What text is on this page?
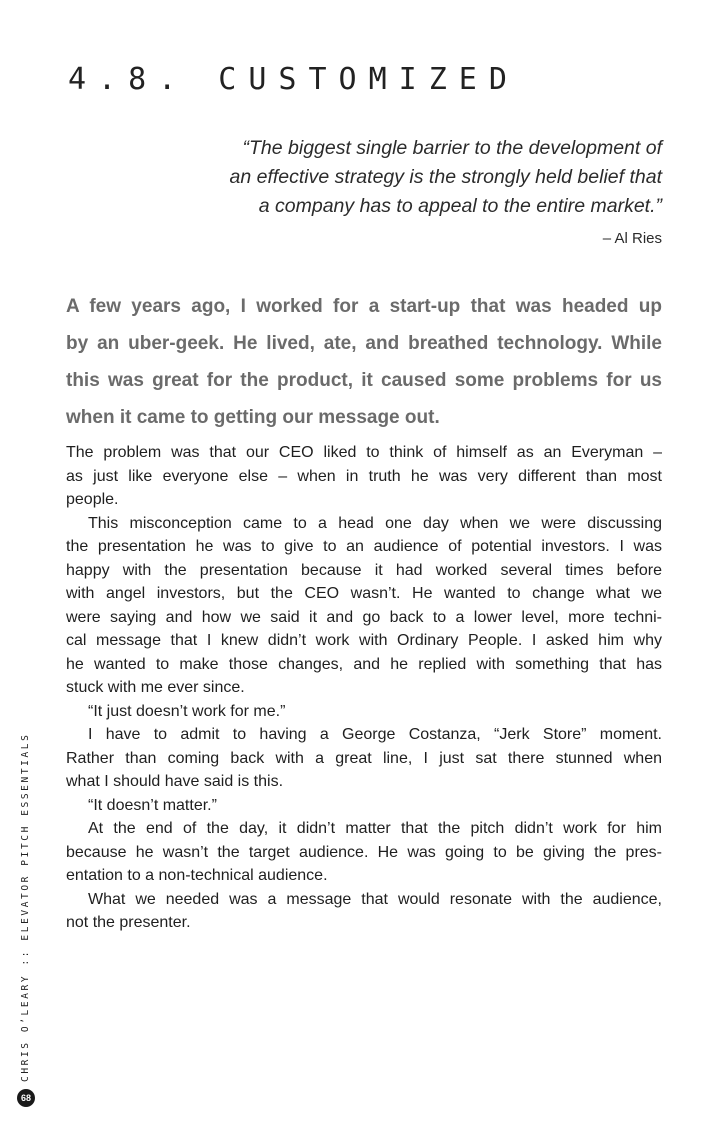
4.8. CUSTOMIZED
“The biggest single barrier to the development of
an effective strategy is the strongly held belief that
a company has to appeal to the entire market.”
– Al Ries

A few years ago, I worked for a start-up that was headed up
by an uber-geek. He lived, ate, and breathed technology. While
this was great for the product, it caused some problems for us
when it came to getting our message out.

The problem was that our CEO liked to think of himself as an Everyman –
as just like everyone else – when in truth he was very different than most
people.
This misconception came to a head one day when we were discussing
the presentation he was to give to an audience of potential investors. I was
happy with the presentation because it had worked several times before
with angel investors, but the CEO wasn’t. He wanted to change what we
were saying and how we said it and go back to a lower level, more techni-
cal message that I knew didn’t work with Ordinary People. I asked him why
he wanted to make those changes, and he replied with something that has
stuck with me ever since.
“It just doesn’t work for me.”
I have to admit to having a George Costanza, “Jerk Store” moment.
Rather than coming back with a great line, I just sat there stunned when
what I should have said is this.
“It doesn’t matter.”
At the end of the day, it didn’t matter that the pitch didn’t work for him
because he wasn’t the target audience. He was going to be giving the pres-
entation to a non-technical audience.
What we needed was a message that would resonate with the audience,
not the presenter.
CHRIS O’LEARY :: ELEVATOR PITCH ESSENTIALS
68
